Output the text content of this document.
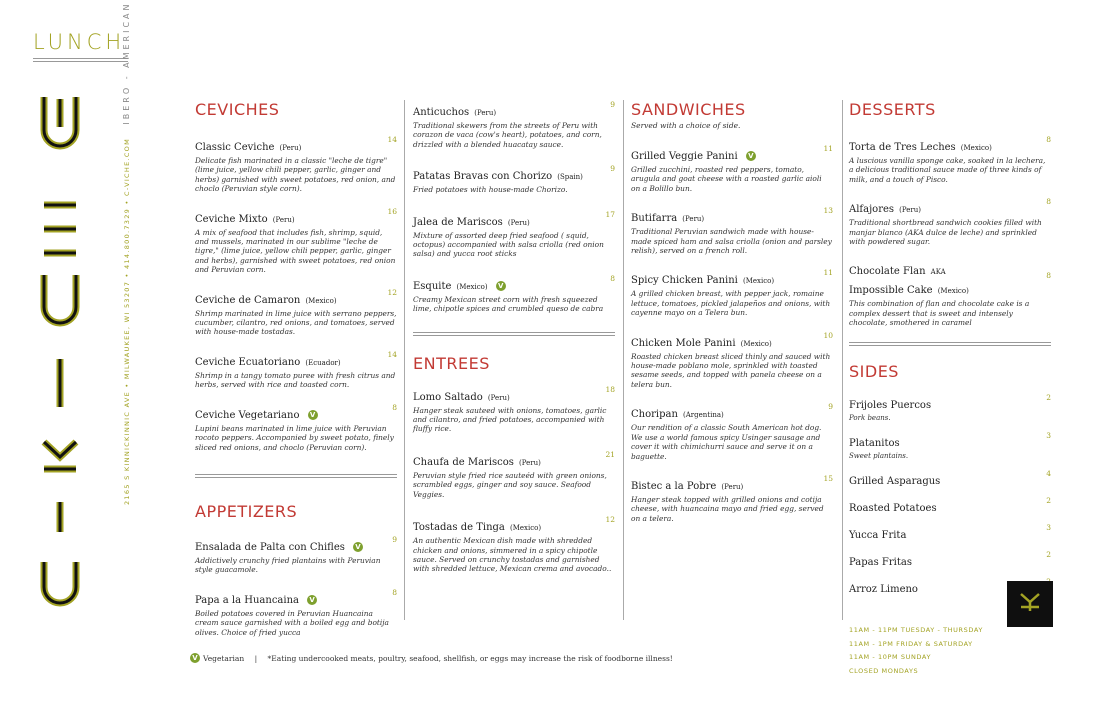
LUNCH
2165 S KINNICKINNIC AVE • MILWAUKEE, WI 53207 • 414.800.7329 • C-VICHE.COM IBERO - AMERICAN	CEVICHES
Classic Ceviche (Peru)
14
Delicate fish marinated in a classic "leche de tigre" (lime juice, yellow chili pepper, garlic, ginger and herbs) garnished with sweet potatoes, red onion, and choclo (Peruvian style corn).
Ceviche Mixto (Peru)
16
A mix of seafood that includes fish, shrimp, squid, and mussels, marinated in our sublime "leche de tigre," (lime juice, yellow chili pepper, garlic, ginger and herbs), garnished with sweet potatoes, red onion and Peruvian corn.
Ceviche de Camaron (Mexico)
12
Shrimp marinated in lime juice with serrano peppers, cucumber, cilantro, red onions, and tomatoes, served with house-made tostadas.
Ceviche Ecuatoriano (Ecuador)
14
Shrimp in a tangy tomato puree with fresh citrus and herbs, served with rice and toasted corn.
Ceviche Vegetariano V
8
Lupini beans marinated in lime juice with Peruvian rocoto peppers. Accompanied by sweet potato, finely sliced red onions, and choclo (Peruvian corn).
APPETIZERS
Ensalada de Palta con Chifles V
9
Addictively crunchy fried plantains with Peruvian style guacamole.
Papa a la Huancaina V
8
Boiled potatoes covered in Peruvian Huancaina cream sauce garnished with a boiled egg and botija olives. Choice of fried yucca
Anticuchos (Peru)
9
Traditional skewers from the streets of Peru with corazon de vaca (cow's heart), potatoes, and corn, drizzled with a blended huacatay sauce.
Patatas Bravas con Chorizo (Spain)
9
Fried potatoes with house-made Chorizo.
Jalea de Mariscos (Peru)
17
Mixture of assorted deep fried seafood ( squid, octopus) accompanied with salsa criolla (red onion salsa) and yucca root sticks
Esquite (Mexico) V
8
Creamy Mexican street corn with fresh squeezed lime, chipotle spices and crumbled queso de cabra
ENTREES
Lomo Saltado (Peru)
18
Hanger steak sauteed with onions, tomatoes, garlic and cilantro, and fried potatoes, accompanied with fluffy rice.
Chaufa de Mariscos (Peru)
21
Peruvian style fried rice sauteéd with green onions, scrambled eggs, ginger and soy sauce. Seafood Veggies.
Tostadas de Tinga (Mexico)
12
An authentic Mexican dish made with shredded chicken and onions, simmered in a spicy chipotle sauce. Served on crunchy tostadas and garnished with shredded lettuce, Mexican crema and avocado..
SANDWICHES
Served with a choice of side.
Grilled Veggie Panini V
11
Grilled zucchini, roasted red peppers, tomato, arugula and goat cheese with a roasted garlic aioli on a Bolillo bun.
Butifarra (Peru)
13
Traditional Peruvian sandwich made with house-made spiced ham and salsa criolla (onion and parsley relish), served on a french roll.
Spicy Chicken Panini (Mexico)
11
A grilled chicken breast, with pepper jack, romaine lettuce, tomatoes, pickled jalapeños and onions, with cayenne mayo on a Telera bun.
Chicken Mole Panini (Mexico)
10
Roasted chicken breast sliced thinly and sauced with house-made poblano mole, sprinkled with toasted sesame seeds, and topped with panela cheese on a telera bun.
Choripan (Argentina)
9
Our rendition of a classic South American hot dog. We use a world famous spicy Usinger sausage and cover it with chimichurri sauce and serve it on a baguette.
Bistec a la Pobre (Peru)
15
Hanger steak topped with grilled onions and cotija cheese, with huancaina mayo and fried egg, served on a telera.
DESSERTS
Torta de Tres Leches (Mexico)
8
A luscious vanilla sponge cake, soaked in la lechera, a delicious traditional sauce made of three kinds of milk, and a touch of Pisco.
Alfajores (Peru)
8
Traditional shortbread sandwich cookies filled with manjar blanco (AKA dulce de leche) and sprinkled with powdered sugar.
Chocolate Flan AKA
Impossible Cake (Mexico)
8
This combination of flan and chocolate cake is a complex dessert that is sweet and intensely chocolate, smothered in caramel
SIDES
Frijoles Puercos
2
Pork beans.
Platanitos
3
Sweet plantains.
Grilled Asparagus
4
Roasted Potatoes
2
Yucca Frita
3
Papas Fritas
2
Arroz Limeno
11AM - 11PM TUESDAY - THURSDAY
11AM - 1PM FRIDAY & SATURDAY
11AM - 10PM SUNDAY
CLOSED MONDAYS
V Vegetarian | *Eating undercooked meats, poultry, seafood, shellfish, or eggs may increase the risk of foodborne illness!
